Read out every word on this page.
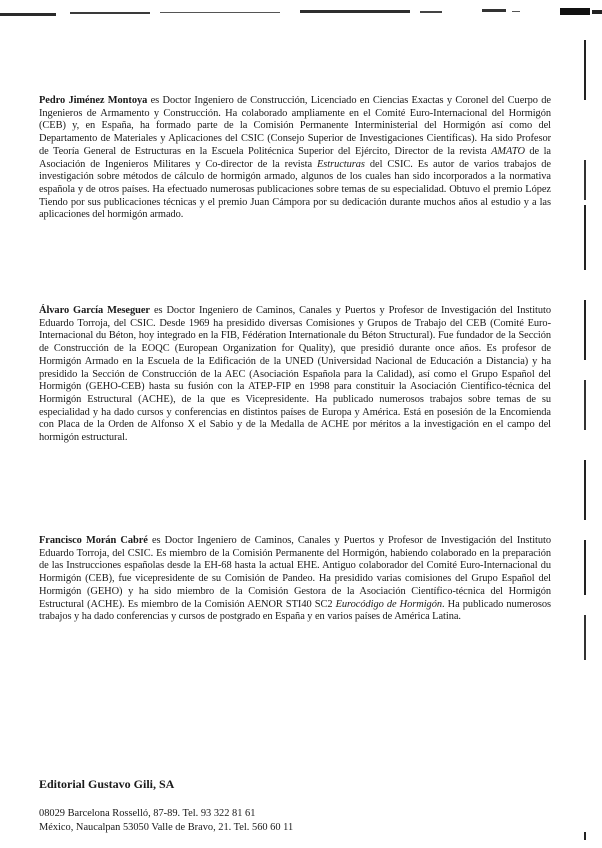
Pedro Jiménez Montoya es Doctor Ingeniero de Construcción, Licenciado en Ciencias Exactas y Coronel del Cuerpo de Ingenieros de Armamento y Construcción. Ha colaborado ampliamente en el Comité Euro-Internacional del Hormigón (CEB) y, en España, ha formado parte de la Comisión Permanente Interministerial del Hormigón así como del Departamento de Materiales y Aplicaciones del CSIC (Consejo Superior de Investigaciones Científicas). Ha sido Profesor de Teoría General de Estructuras en la Escuela Politécnica Superior del Ejército, Director de la revista AMATO de la Asociación de Ingenieros Militares y Co-director de la revista Estructuras del CSIC. Es autor de varios trabajos de investigación sobre métodos de cálculo de hormigón armado, algunos de los cuales han sido incorporados a la normativa española y de otros países. Ha efectuado numerosas publicaciones sobre temas de su especialidad. Obtuvo el premio López Tiendo por sus publicaciones técnicas y el premio Juan Cámpora por su dedicación durante muchos años al estudio y a las aplicaciones del hormigón armado.

Álvaro García Meseguer es Doctor Ingeniero de Caminos, Canales y Puertos y Profesor de Investigación del Instituto Eduardo Torroja, del CSIC. Desde 1969 ha presidido diversas Comisiones y Grupos de Trabajo del CEB (Comité Euro-Internacional du Béton, hoy integrado en la FIB, Fédération Internationale du Béton Structural). Fue fundador de la Sección de Construcción de la EOQC (European Organization for Quality), que presidió durante once años. Es profesor de Hormigón Armado en la Escuela de la Edificación de la UNED (Universidad Nacional de Educación a Distancia) y ha presidido la Sección de Construcción de la AEC (Asociación Española para la Calidad), así como el Grupo Español del Hormigón (GEHO-CEB) hasta su fusión con la ATEP-FIP en 1998 para constituir la Asociación Científico-técnica del Hormigón Estructural (ACHE), de la que es Vicepresidente. Ha publicado numerosos trabajos sobre temas de su especialidad y ha dado cursos y conferencias en distintos países de Europa y América. Está en posesión de la Encomienda con Placa de la Orden de Alfonso X el Sabio y de la Medalla de ACHE por méritos a la investigación en el campo del hormigón estructural.

Francisco Morán Cabré es Doctor Ingeniero de Caminos, Canales y Puertos y Profesor de Investigación del Instituto Eduardo Torroja, del CSIC. Es miembro de la Comisión Permanente del Hormigón, habiendo colaborado en la preparación de las Instrucciones españolas desde la EH-68 hasta la actual EHE. Antiguo colaborador del Comité Euro-Internacional du Hormigón (CEB), fue vicepresidente de su Comisión de Pandeo. Ha presidido varias comisiones del Grupo Español del Hormigón (GEHO) y ha sido miembro de la Comisión Gestora de la Asociación Científico-técnica del Hormigón Estructural (ACHE). Es miembro de la Comisión AENOR STI40 SC2 Eurocódigo de Hormigón. Ha publicado numerosos trabajos y ha dado conferencias y cursos de postgrado en España y en varios países de América Latina.

Editorial Gustavo Gili, SA

08029 Barcelona Rosselló, 87-89. Tel. 93 322 81 61

México, Naucalpan 53050 Valle de Bravo, 21. Tel. 560 60 11
